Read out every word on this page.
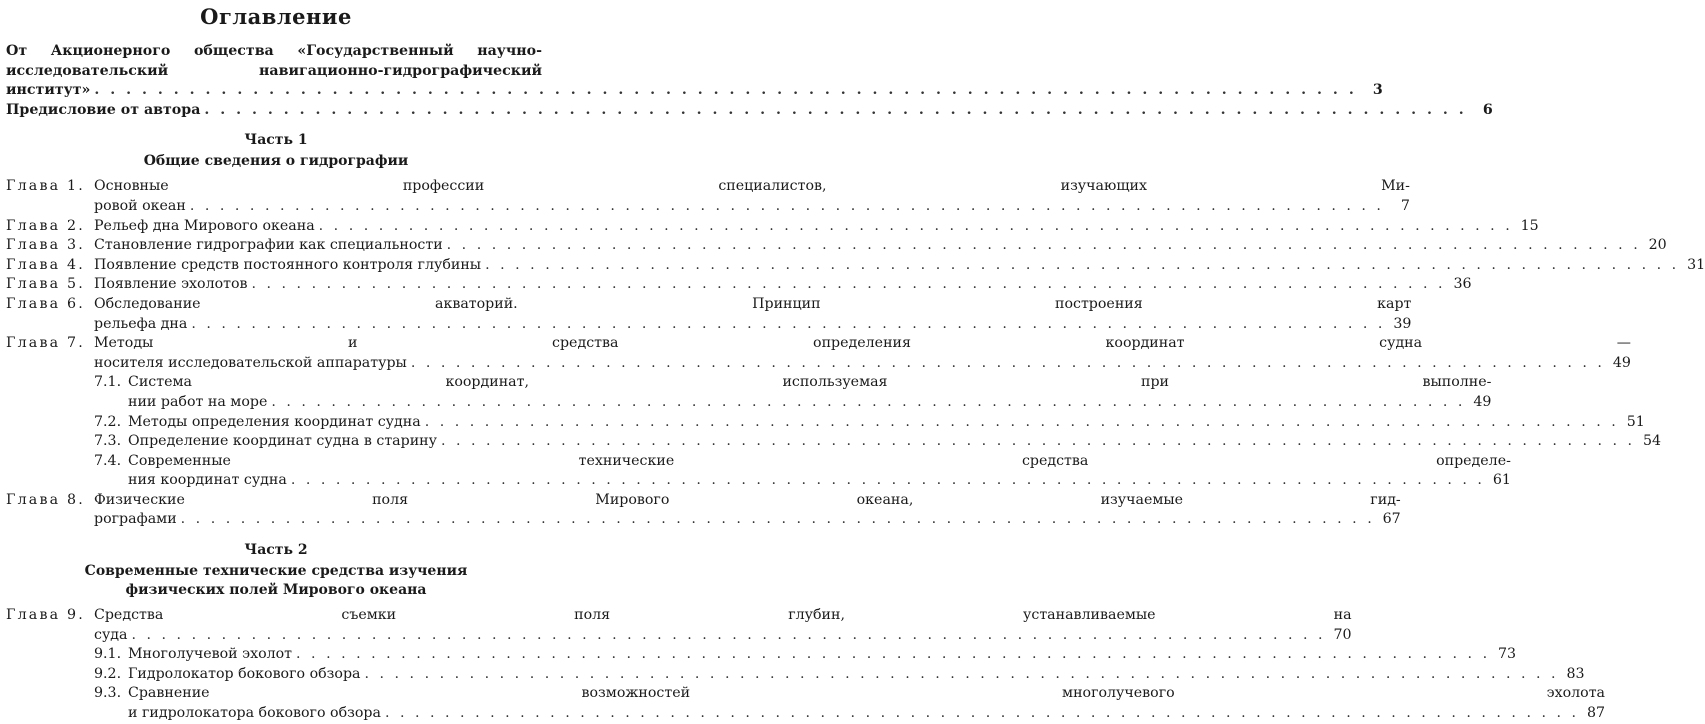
Оглавление
От Акционерного общества «Государственный научно-
исследовательский навигационно-гидрографический
институт» . . .	3
Предисловие от автора . . .	6
Часть 1
Общие сведения о гидрографии
Глава 1. Основные профессии специалистов, изучающих Ми-
ровой океан . . .	7
Глава 2. Рельеф дна Мирового океана . . .	15
Глава 3. Становление гидрографии как специальности . . .	20
Глава 4. Появление средств постоянного контроля глубины . . .	31
Глава 5. Появление эхолотов . . .	36
Глава 6. Обследование акваторий. Принцип построения карт
рельефа дна . . .	39
Глава 7. Методы и средства определения координат судна —
носителя исследовательской аппаратуры . . .	49
7.1. Система координат, используемая при выполне-
нии работ на море . . .	49
7.2. Методы определения координат судна . . .	51
7.3. Определение координат судна в старину . . .	54
7.4. Современные технические средства определе-
ния координат судна . . .	61
Глава 8. Физические поля Мирового океана, изучаемые гид-
рографами . . .	67
Часть 2
Современные технические средства изучения
физических полей Мирового океана
Глава 9. Средства съемки поля глубин, устанавливаемые на
суда . . .	70
9.1. Многолучевой эхолот . . .	73
9.2. Гидролокатор бокового обзора . . .	83
9.3. Сравнение возможностей многолучевого эхолота
и гидролокатора бокового обзора . . .	87
